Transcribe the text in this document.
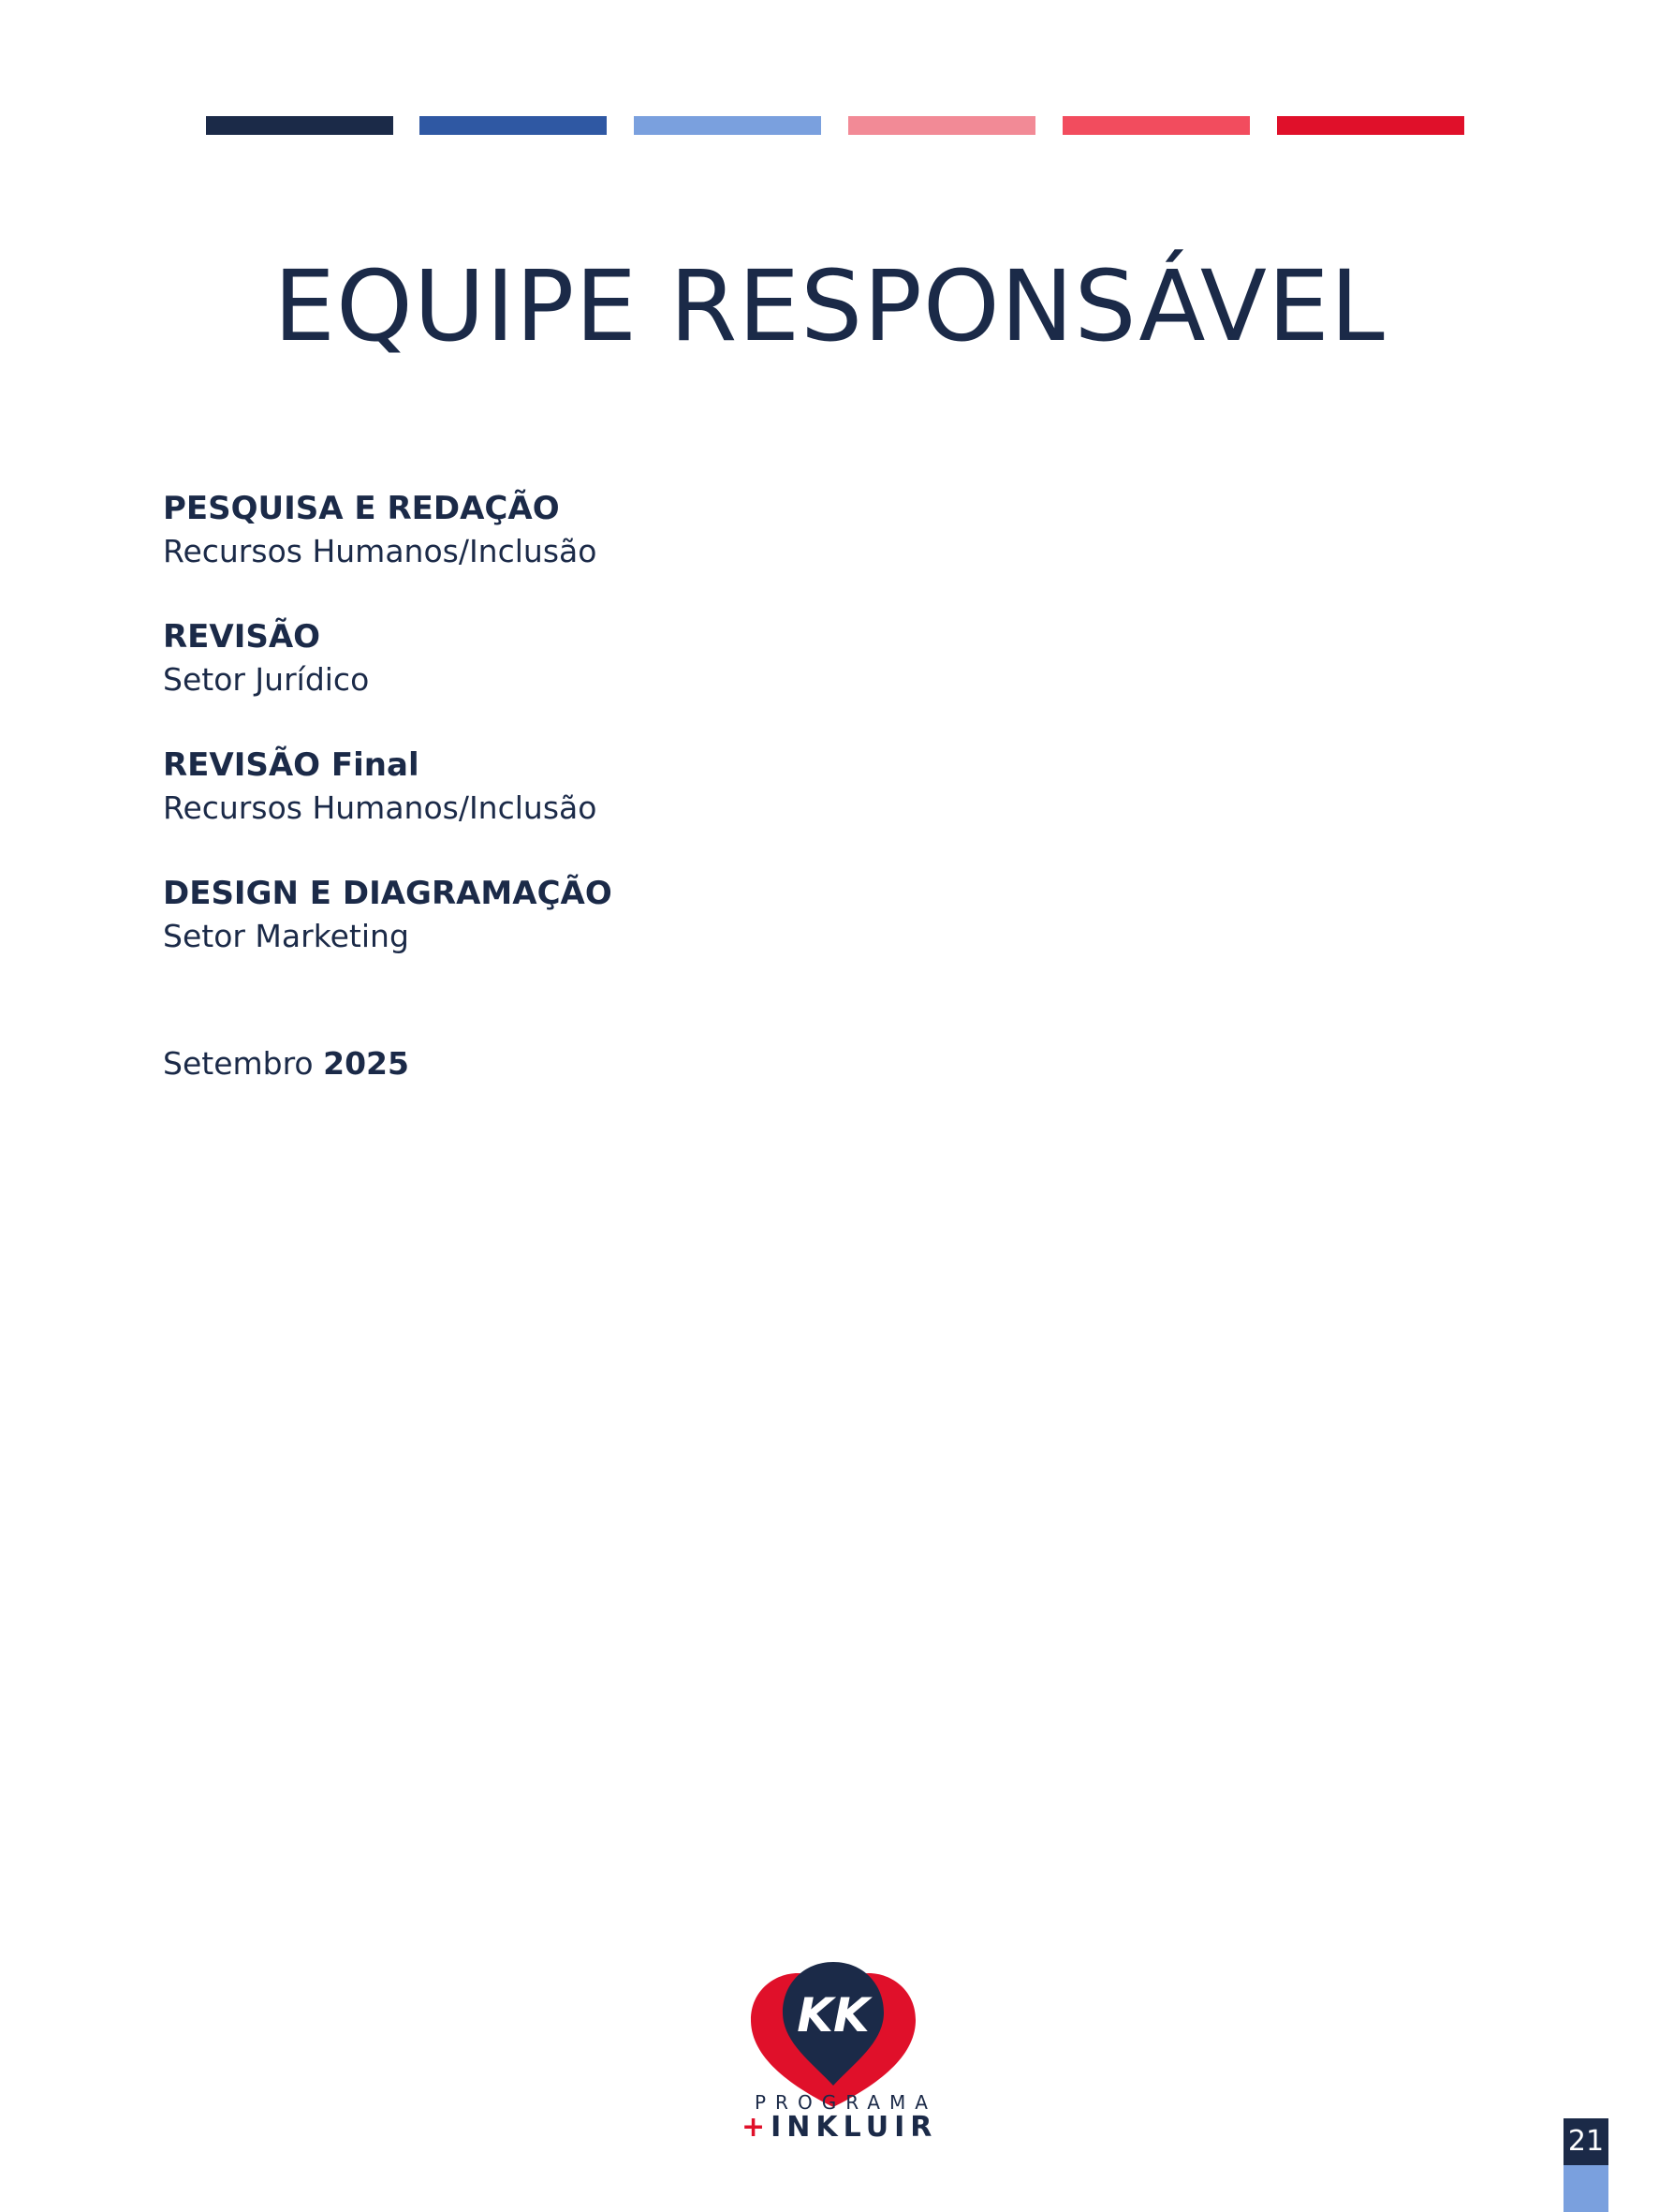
EQUIPE RESPONSÁVEL
PESQUISA E REDAÇÃO
Recursos Humanos/Inclusão
REVISÃO
Setor Jurídico
REVISÃO Final
Recursos Humanos/Inclusão
DESIGN E DIAGRAMAÇÃO
Setor Marketing
Setembro 2025
KK
PROGRAMA
+INKLUIR	21
